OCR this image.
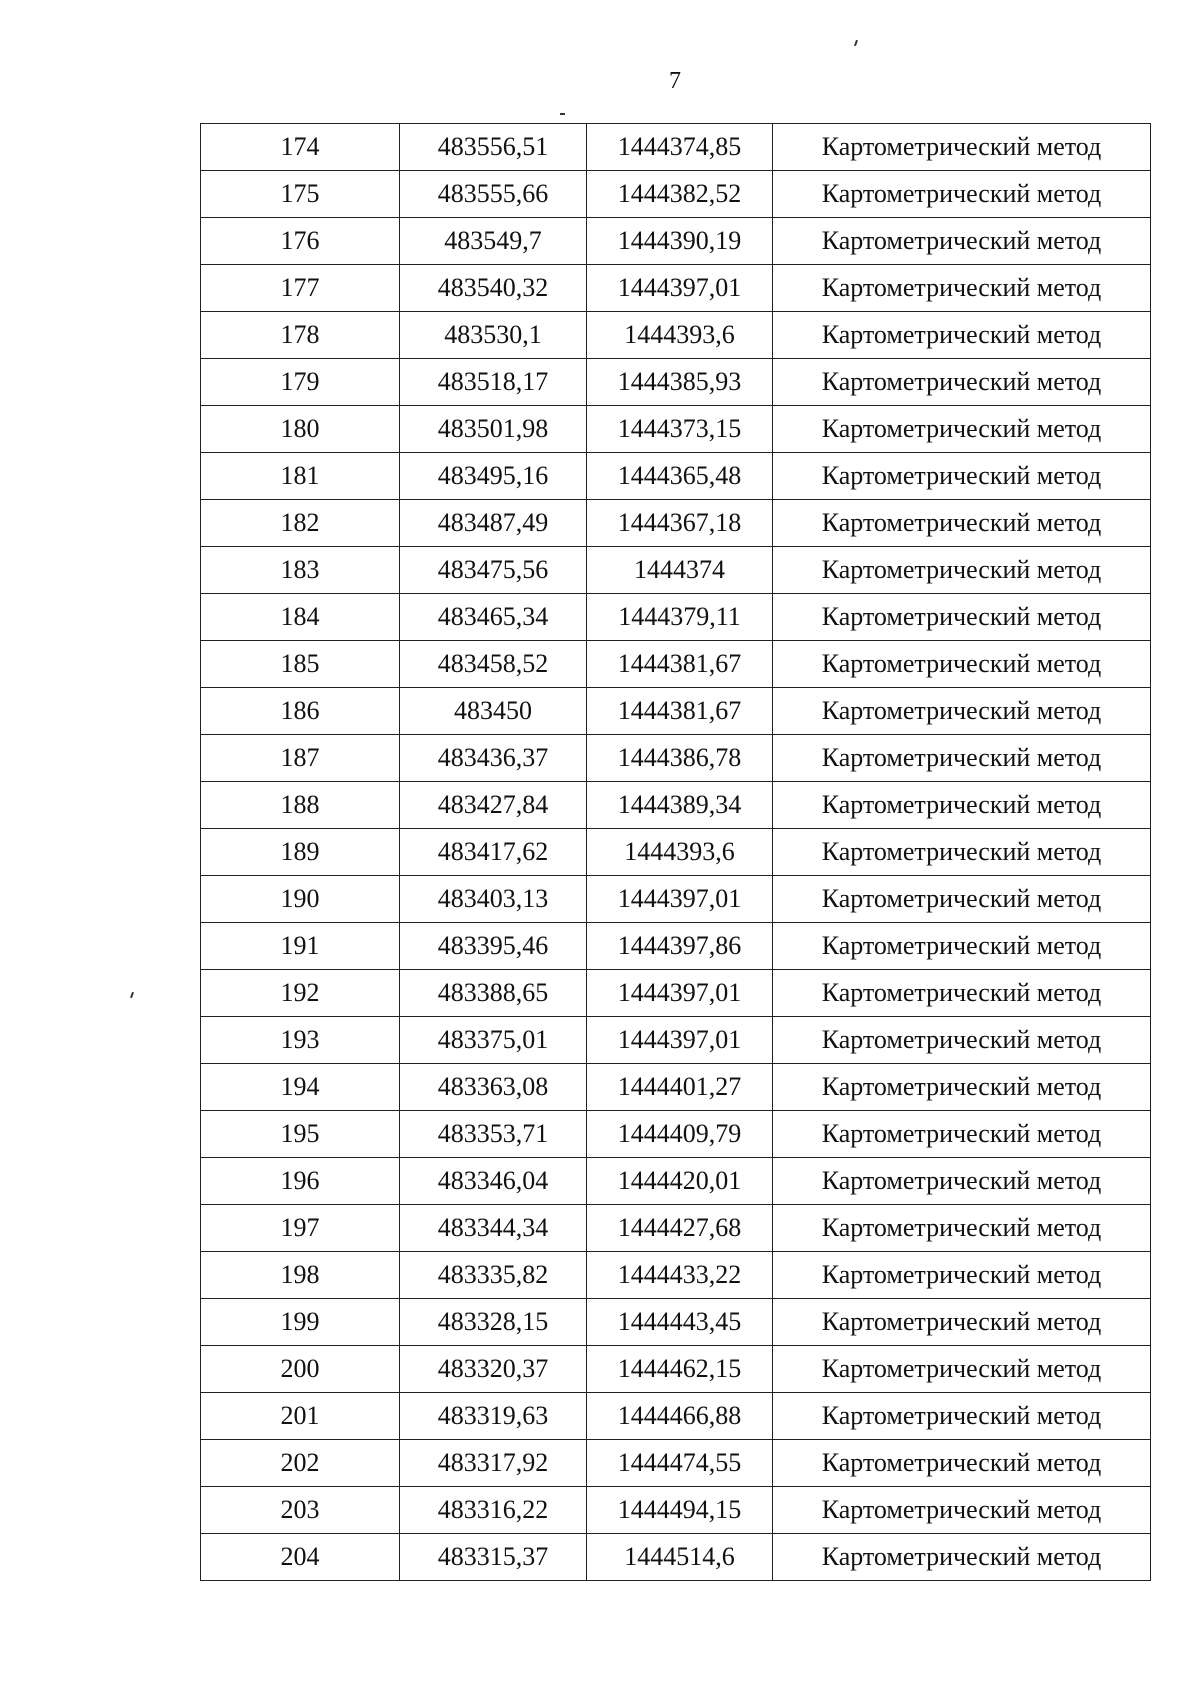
7
174	483556,51	1444374,85	Картометрический метод
175	483555,66	1444382,52	Картометрический метод
176	483549,7	1444390,19	Картометрический метод
177	483540,32	1444397,01	Картометрический метод
178	483530,1	1444393,6	Картометрический метод
179	483518,17	1444385,93	Картометрический метод
180	483501,98	1444373,15	Картометрический метод
181	483495,16	1444365,48	Картометрический метод
182	483487,49	1444367,18	Картометрический метод
183	483475,56	1444374	Картометрический метод
184	483465,34	1444379,11	Картометрический метод
185	483458,52	1444381,67	Картометрический метод
186	483450	1444381,67	Картометрический метод
187	483436,37	1444386,78	Картометрический метод
188	483427,84	1444389,34	Картометрический метод
189	483417,62	1444393,6	Картометрический метод
190	483403,13	1444397,01	Картометрический метод
191	483395,46	1444397,86	Картометрический метод
192	483388,65	1444397,01	Картометрический метод
193	483375,01	1444397,01	Картометрический метод
194	483363,08	1444401,27	Картометрический метод
195	483353,71	1444409,79	Картометрический метод
196	483346,04	1444420,01	Картометрический метод
197	483344,34	1444427,68	Картометрический метод
198	483335,82	1444433,22	Картометрический метод
199	483328,15	1444443,45	Картометрический метод
200	483320,37	1444462,15	Картометрический метод
201	483319,63	1444466,88	Картометрический метод
202	483317,92	1444474,55	Картометрический метод
203	483316,22	1444494,15	Картометрический метод
204	483315,37	1444514,6	Картометрический метод
